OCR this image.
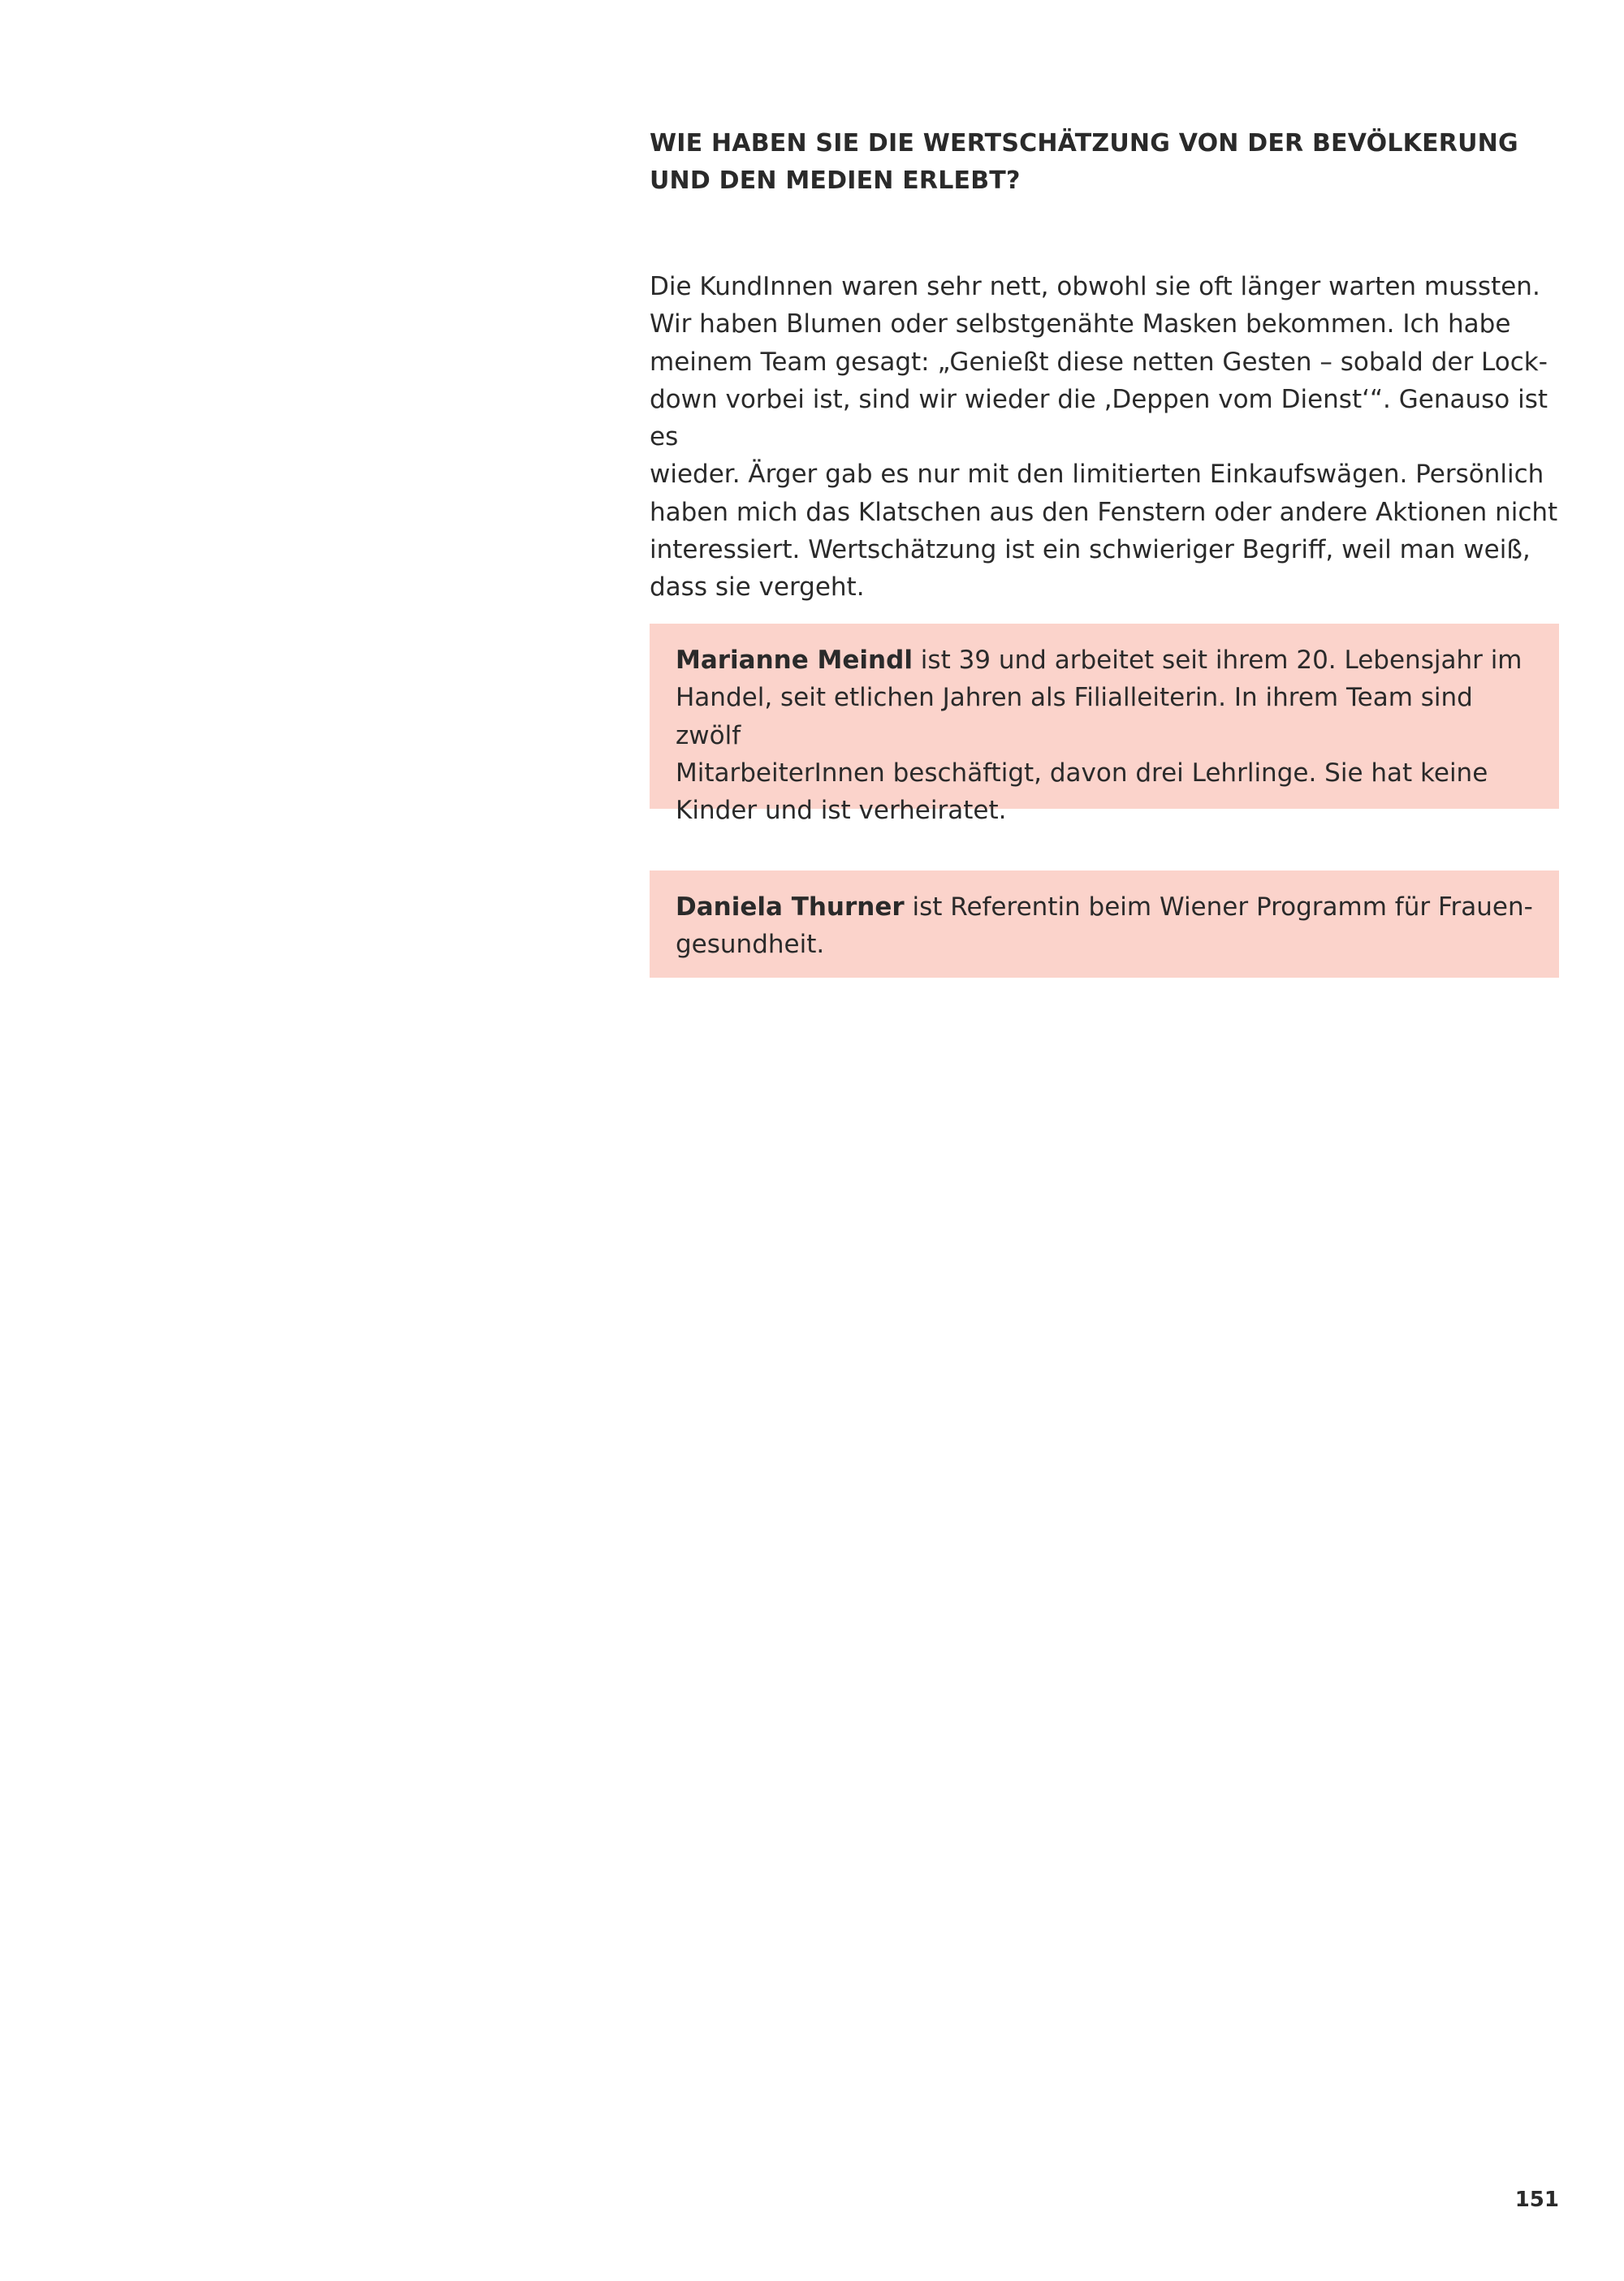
WIE HABEN SIE DIE WERTSCHÄTZUNG VON DER BEVÖLKERUNG
UND DEN MEDIEN ERLEBT?

Die KundInnen waren sehr nett, obwohl sie oft länger warten mussten.
Wir haben Blumen oder selbstgenähte Masken bekommen. Ich habe
meinem Team gesagt: „Genießt diese netten Gesten – sobald der Lock-
down vorbei ist, sind wir wieder die ‚Deppen vom Dienst‘“. Genauso ist es
wieder. Ärger gab es nur mit den limitierten Einkaufswägen. Persönlich
haben mich das Klatschen aus den Fenstern oder andere Aktionen nicht
interessiert. Wertschätzung ist ein schwieriger Begriff, weil man weiß,
dass sie vergeht.

Marianne Meindl ist 39 und arbeitet seit ihrem 20. Lebensjahr im
Handel, seit etlichen Jahren als Filialleiterin. In ihrem Team sind zwölf
MitarbeiterInnen beschäftigt, davon drei Lehrlinge. Sie hat keine
Kinder und ist verheiratet.

Daniela Thurner ist Referentin beim Wiener Programm für Frauen-
gesundheit.

151
